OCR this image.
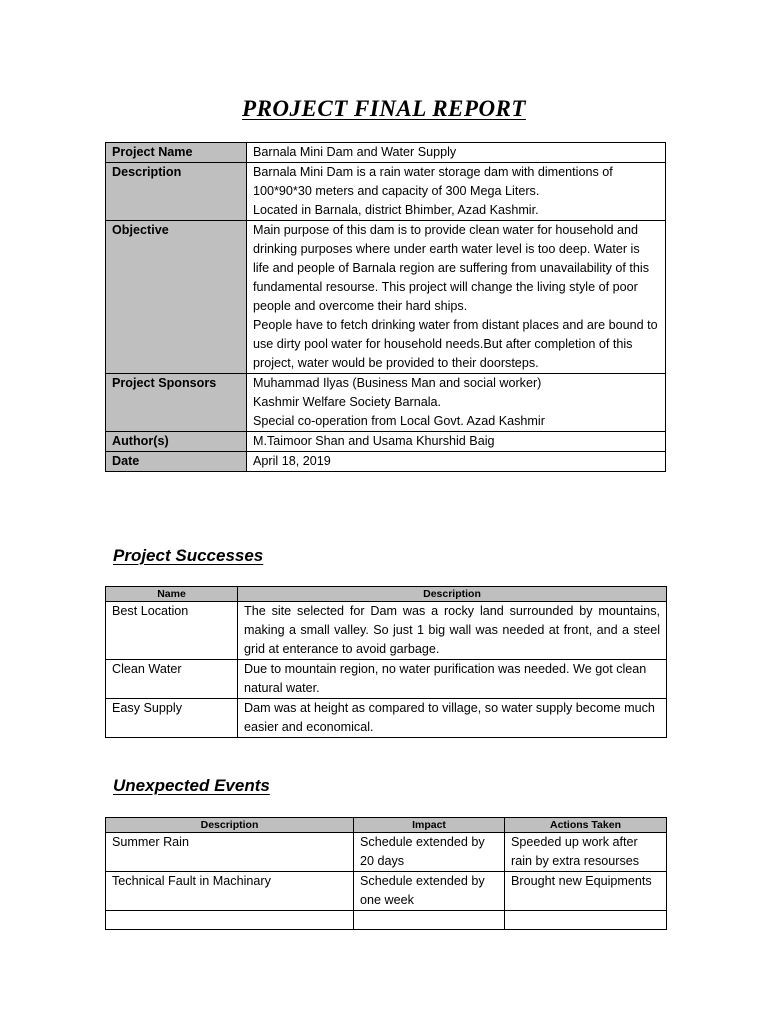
PROJECT FINAL REPORT
Project Name	Barnala Mini Dam and Water Supply

Description	Barnala Mini Dam is a rain water storage dam with dimentions of 100*90*30 meters and capacity of 300 Mega Liters.
Located in Barnala, district Bhimber, Azad Kashmir.

Objective	Main purpose of this dam is to provide clean water for household and drinking purposes where under earth water level is too deep. Water is life and people of Barnala region are suffering from unavailability of this fundamental resourse. This project will change the living style of poor people and overcome their hard ships.
People have to fetch drinking water from distant places and are bound to use dirty pool water for household needs.But after completion of this project, water would be provided to their doorsteps.

Project Sponsors	Muhammad Ilyas (Business Man and social worker)
Kashmir Welfare Society Barnala.
Special co-operation from Local Govt. Azad Kashmir

Author(s)	M.Taimoor Shan and Usama Khurshid Baig

Date	April 18, 2019
Project Successes
Name	Description
Best Location	The site selected for Dam was a rocky land surrounded by mountains, making a small valley. So just 1 big wall was needed at front, and a steel grid at enterance to avoid garbage.
Clean Water	Due to mountain region, no water purification was needed. We got clean natural water.
Easy Supply	Dam was at height as compared to village, so water supply become much easier and economical.
Unexpected Events
Description	Impact	Actions Taken
Summer Rain	Schedule extended by 20 days	Speeded up work after rain by extra resourses
Technical Fault in Machinary	Schedule extended by one week	Brought new Equipments
